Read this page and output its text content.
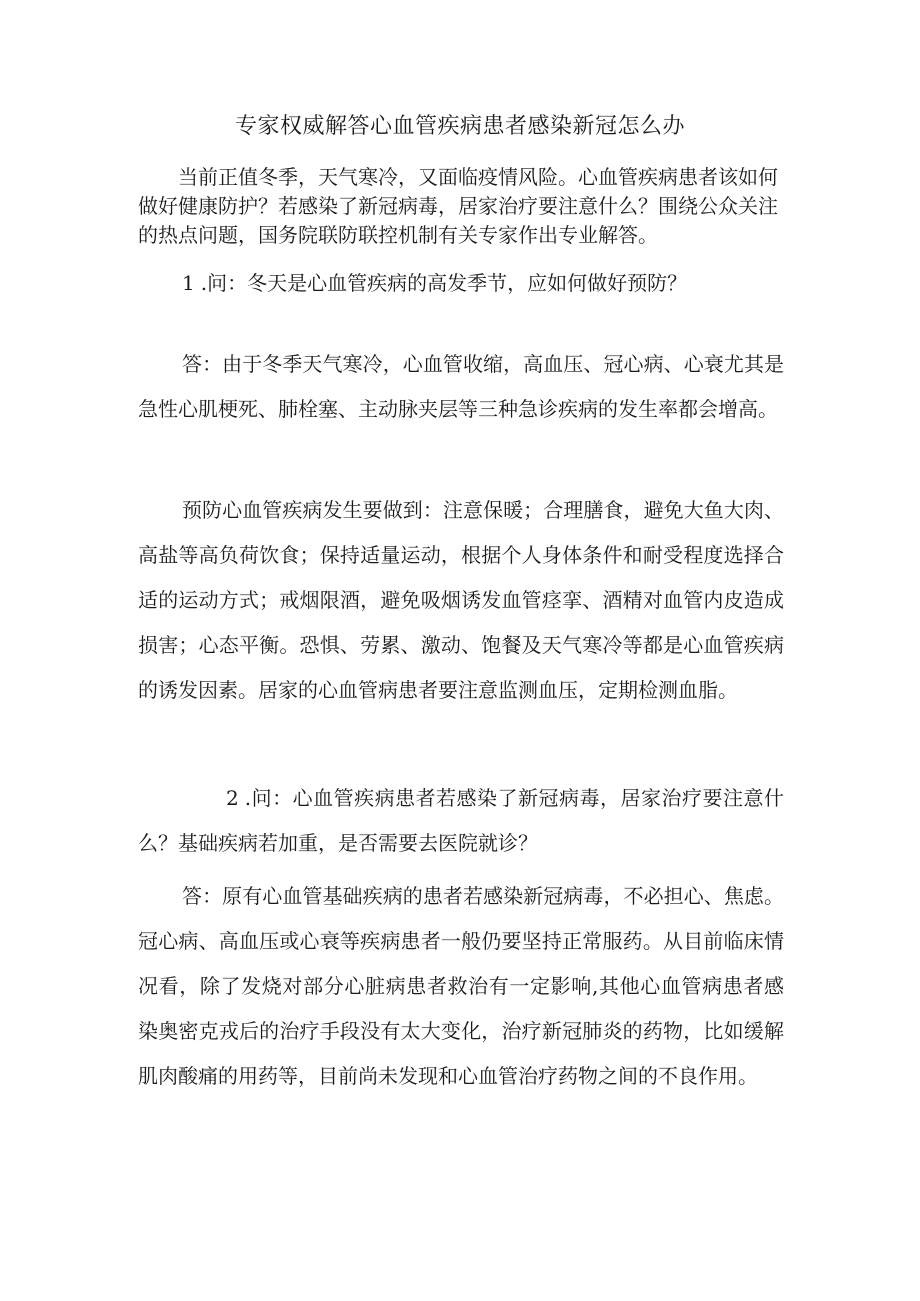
专家权威解答心血管疾病患者感染新冠怎么办

当前正值冬季，天气寒冷，又面临疫情风险。心血管疾病患者该如何做好健康防护？若感染了新冠病毒，居家治疗要注意什么？围绕公众关注的热点问题，国务院联防联控机制有关专家作出专业解答。

1 .问：冬天是心血管疾病的高发季节，应如何做好预防？

答：由于冬季天气寒冷，心血管收缩，高血压、冠心病、心衰尤其是急性心肌梗死、肺栓塞、主动脉夹层等三种急诊疾病的发生率都会增高。

预防心血管疾病发生要做到：注意保暖；合理膳食，避免大鱼大肉、高盐等高负荷饮食；保持适量运动，根据个人身体条件和耐受程度选择合适的运动方式；戒烟限酒，避免吸烟诱发血管痉挛、酒精对血管内皮造成损害；心态平衡。恐惧、劳累、激动、饱餐及天气寒冷等都是心血管疾病的诱发因素。居家的心血管病患者要注意监测血压，定期检测血脂。

2 .问：心血管疾病患者若感染了新冠病毒，居家治疗要注意什么？基础疾病若加重，是否需要去医院就诊？

答：原有心血管基础疾病的患者若感染新冠病毒，不必担心、焦虑。冠心病、高血压或心衰等疾病患者一般仍要坚持正常服药。从目前临床情况看，除了发烧对部分心脏病患者救治有一定影响,其他心血管病患者感染奥密克戎后的治疗手段没有太大变化，治疗新冠肺炎的药物，比如缓解肌肉酸痛的用药等，目前尚未发现和心血管治疗药物之间的不良作用。
